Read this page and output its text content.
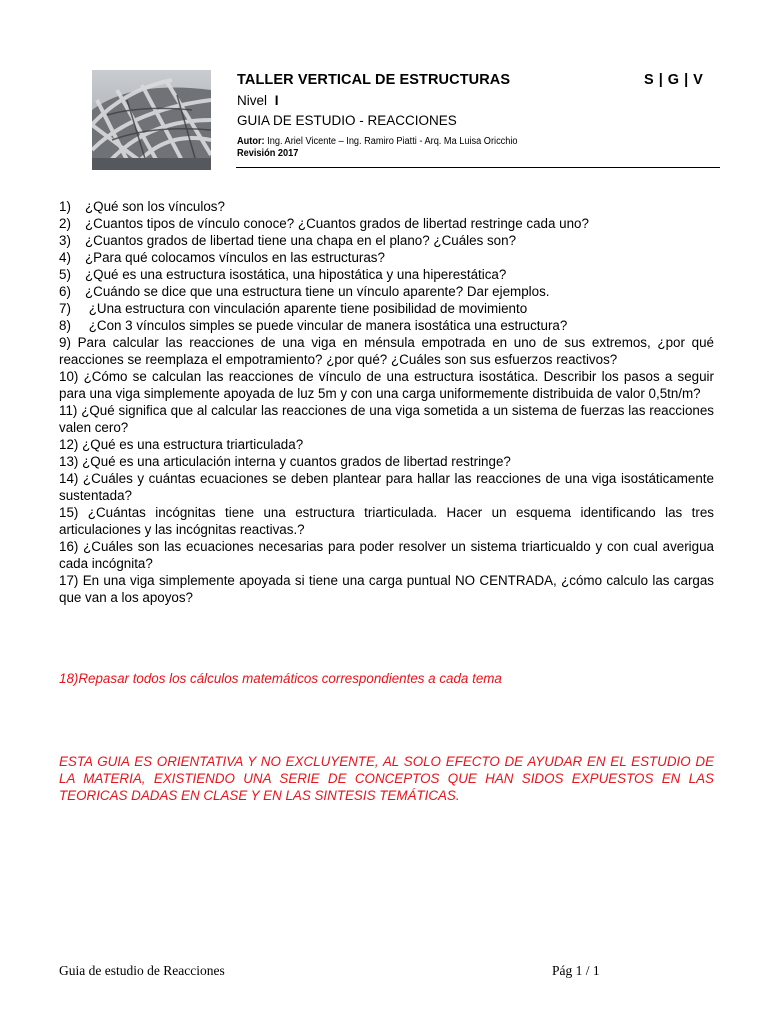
TALLER VERTICAL DE ESTRUCTURAS	S | G | V
Nivel I
GUIA DE ESTUDIO - REACCIONES
Autor: Ing. Ariel Vicente – Ing. Ramiro Piatti - Arq. Ma Luisa Oricchio
Revisión 2017

1) ¿Qué son los vínculos?

2) ¿Cuantos tipos de vínculo conoce? ¿Cuantos grados de libertad restringe cada uno?

3) ¿Cuantos grados de libertad tiene una chapa en el plano? ¿Cuáles son?

4) ¿Para qué colocamos vínculos en las estructuras?

5) ¿Qué es una estructura isostática, una hipostática y una hiperestática?

6) ¿Cuándo se dice que una estructura tiene un vínculo aparente? Dar ejemplos.

7) ¿Una estructura con vinculación aparente tiene posibilidad de movimiento

8) ¿Con 3 vínculos simples se puede vincular de manera isostática una estructura?

9) Para calcular las reacciones de una viga en ménsula empotrada en uno de sus extremos, ¿por qué reacciones se reemplaza el empotramiento? ¿por qué? ¿Cuáles son sus esfuerzos reactivos?

10) ¿Cómo se calculan las reacciones de vínculo de una estructura isostática. Describir los pasos a seguir para una viga simplemente apoyada de luz 5m y con una carga uniformemente distribuida de valor 0,5tn/m?

11) ¿Qué significa que al calcular las reacciones de una viga sometida a un sistema de fuerzas las reacciones valen cero?

12) ¿Qué es una estructura triarticulada?

13) ¿Qué es una articulación interna y cuantos grados de libertad restringe?

14) ¿Cuáles y cuántas ecuaciones se deben plantear para hallar las reacciones de una viga isostáticamente sustentada?

15) ¿Cuántas incógnitas tiene una estructura triarticulada. Hacer un esquema identificando las tres articulaciones y las incógnitas reactivas.?

16) ¿Cuáles son las ecuaciones necesarias para poder resolver un sistema triarticualdo y con cual averigua cada incógnita?

17) En una viga simplemente apoyada si tiene una carga puntual NO CENTRADA, ¿cómo calculo las cargas que van a los apoyos?

18)Repasar todos los cálculos matemáticos correspondientes a cada tema
ESTA GUIA ES ORIENTATIVA Y NO EXCLUYENTE, AL SOLO EFECTO DE AYUDAR EN EL ESTUDIO DE LA MATERIA, EXISTIENDO UNA SERIE DE CONCEPTOS QUE HAN SIDOS EXPUESTOS EN LAS TEORICAS DADAS EN CLASE Y EN LAS SINTESIS TEMÁTICAS.
Guia de estudio de Reacciones	Pág 1 / 1
